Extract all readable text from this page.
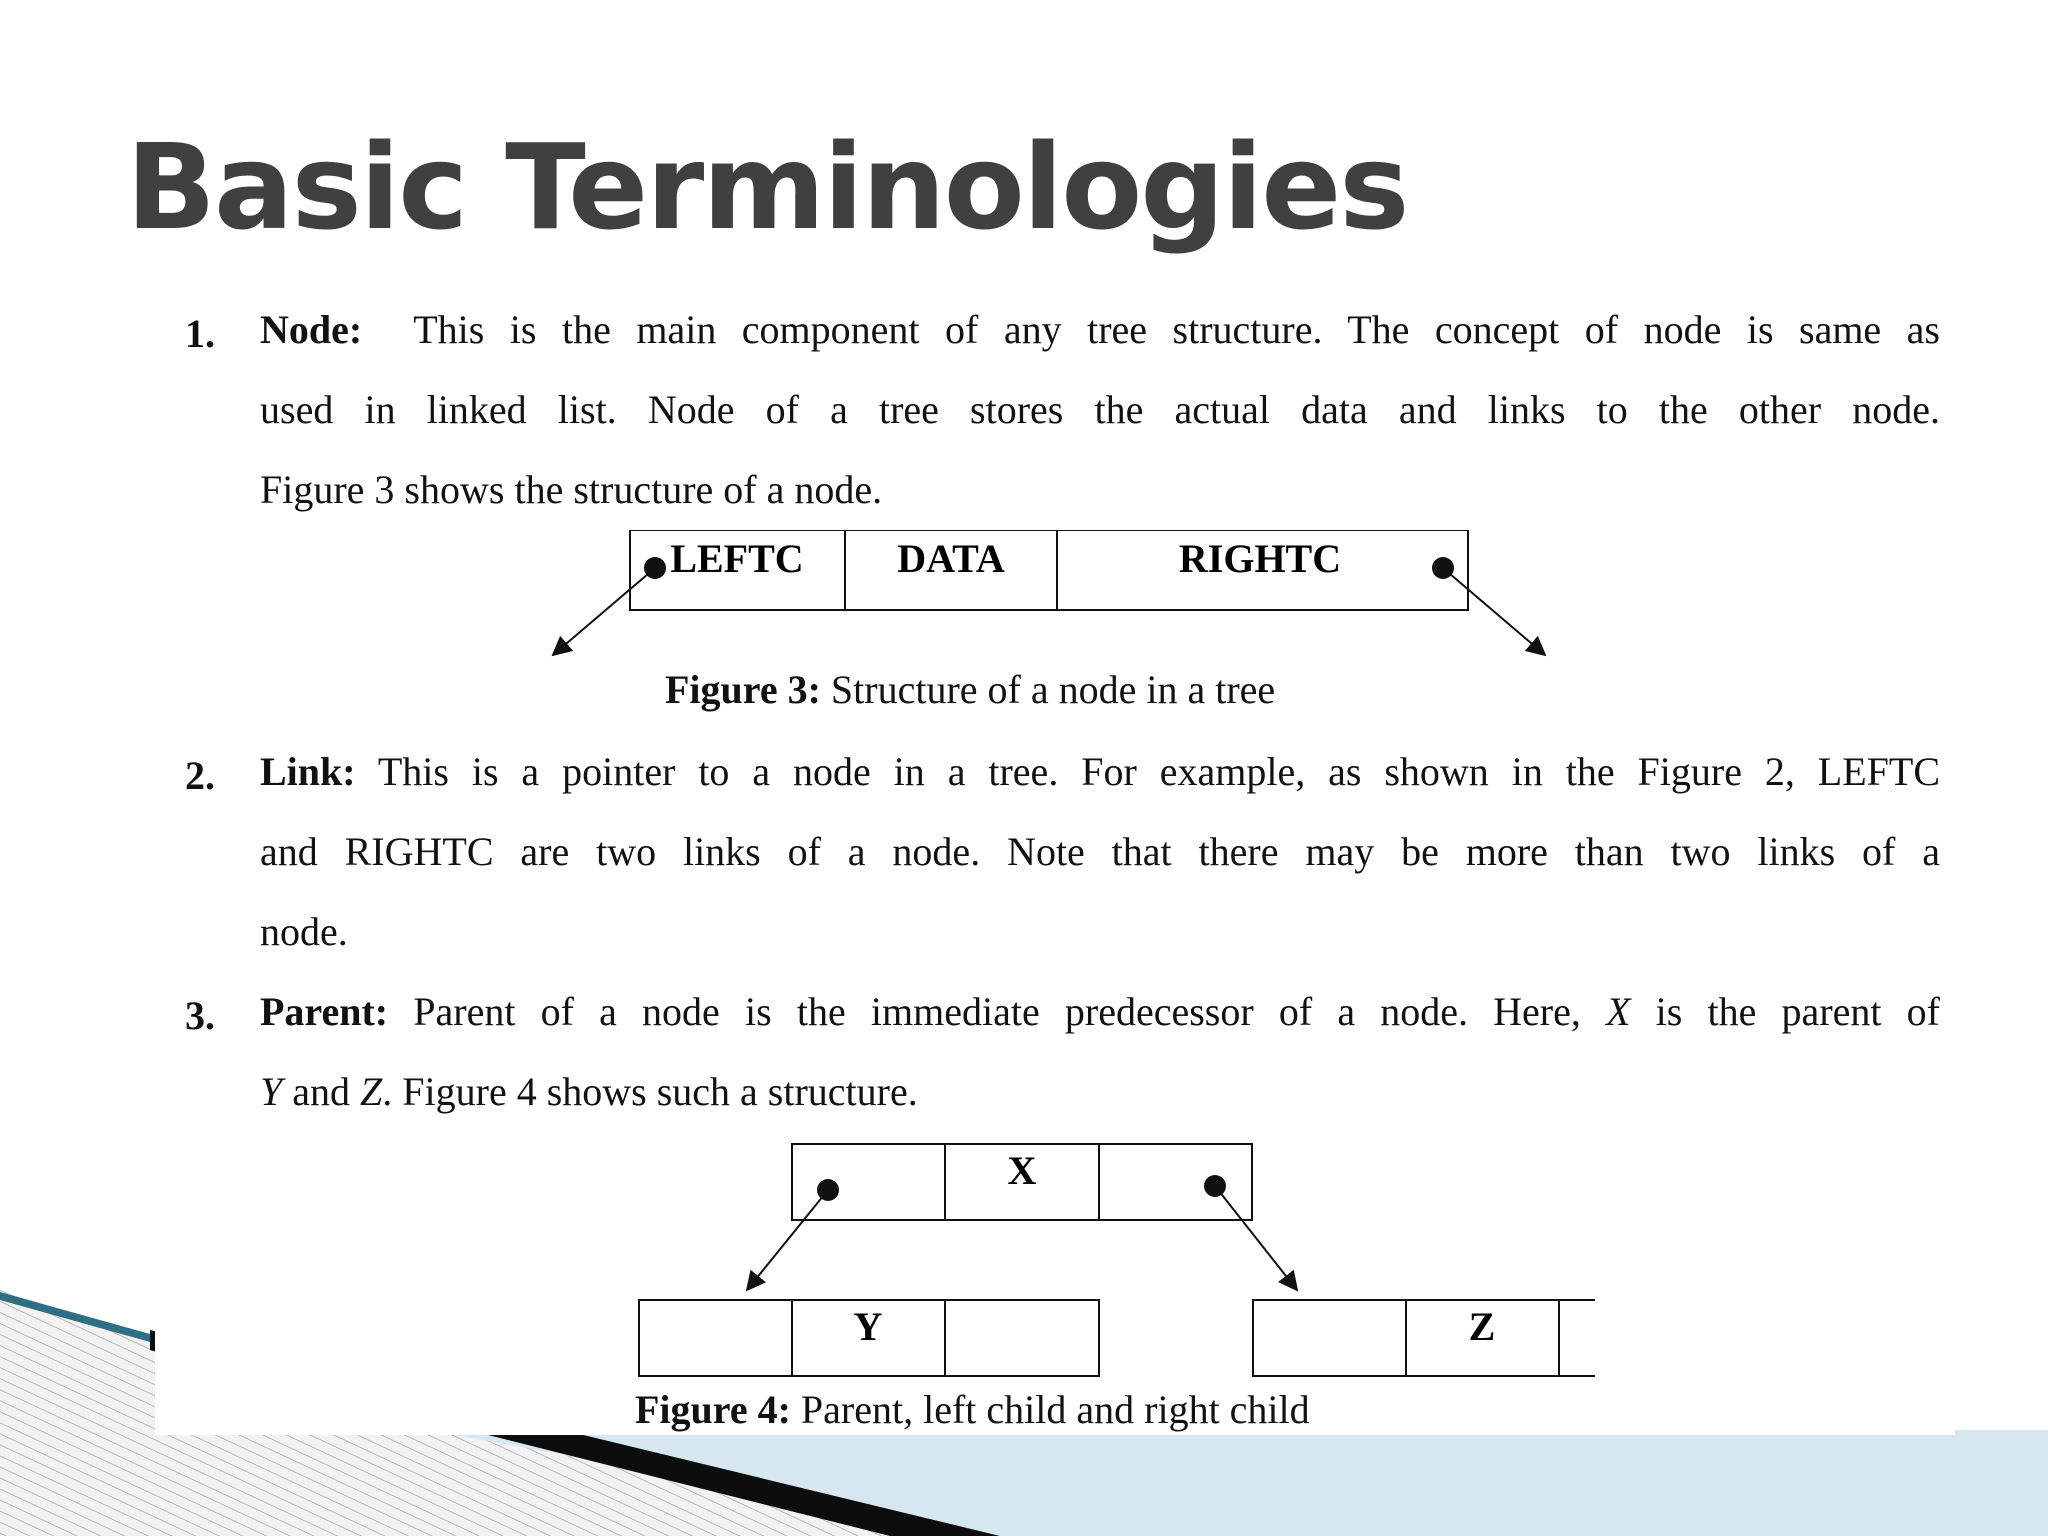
Basic Terminologies
1. Node: This is the main component of any tree structure. The concept of node is same as
used in linked list. Node of a tree stores the actual data and links to the other node.
Figure 3 shows the structure of a node.
LEFTC DATA	RIGHTC
Figure 3: Structure of a node in a tree
2. Link: This is a pointer to a node in a tree. For example, as shown in the Figure 2, LEFTC
and RIGHTC are two links of a node. Note that there may be more than two links of a
node.
3. Parent: Parent of a node is the immediate predecessor of a node. Here, X is the parent of
Y and Z. Figure 4 shows such a structure.
X
Y	Z
Figure 4: Parent, left child and right child
